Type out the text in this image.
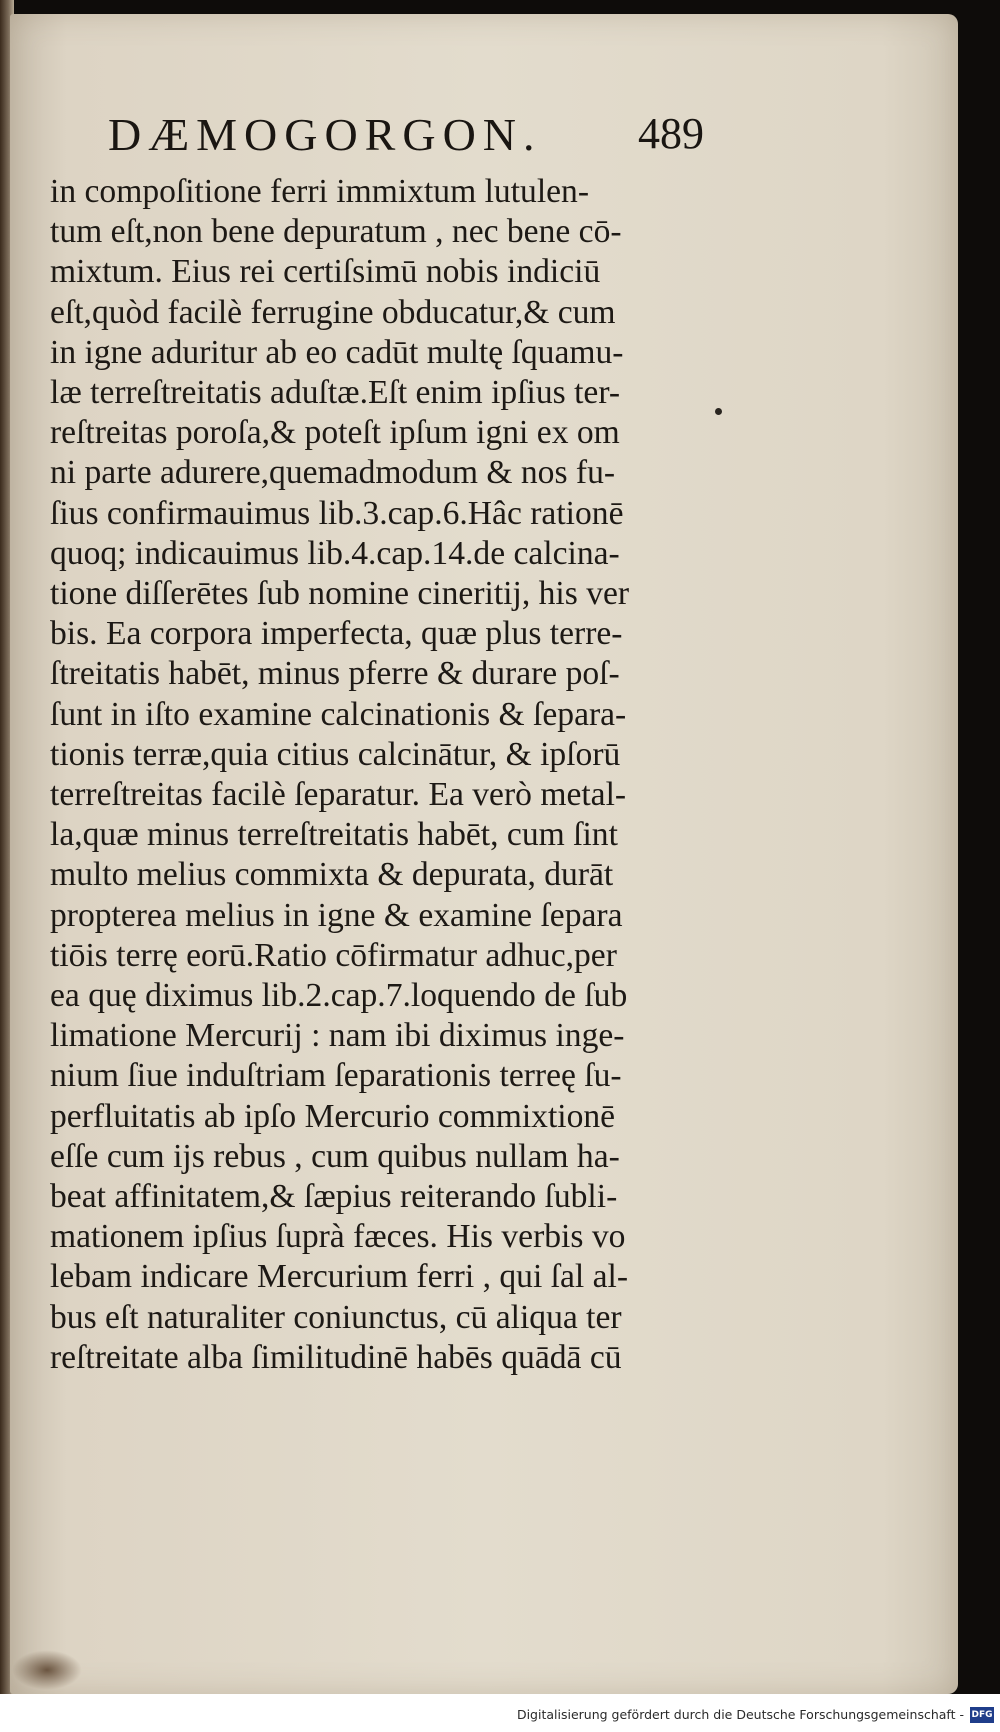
DÆMOGORGON.	489
in compoſitione ferri immixtum lutulen-
tum eſt,non bene depuratum , nec bene cō-
mixtum. Eius rei certiſsimū nobis indiciū
eſt,quòd facilè ferrugine obducatur,& cum
in igne aduritur ab eo cadūt multę ſquamu-
læ terreſtreitatis aduſtæ.Eſt enim ipſius ter-
reſtreitas poroſa,& poteſt ipſum igni ex om
ni parte adurere,quemadmodum & nos fu-
ſius confirmauimus lib.3.cap.6.Hâc rationē
quoq; indicauimus lib.4.cap.14.de calcina-
tione diſſerētes ſub nomine cineritij, his ver
bis. Ea corpora imperfecta, quæ plus terre-
ſtreitatis habēt, minus pferre & durare poſ-
ſunt in iſto examine calcinationis & ſepara-
tionis terræ,quia citius calcinātur, & ipſorū
terreſtreitas facilè ſeparatur. Ea verò metal-
la,quæ minus terreſtreitatis habēt, cum ſint
multo melius commixta & depurata, durāt
propterea melius in igne & examine ſepara
tiōis terrę eorū.Ratio cōfirmatur adhuc,per
ea quę diximus lib.2.cap.7.loquendo de ſub
limatione Mercurij : nam ibi diximus inge-
nium ſiue induſtriam ſeparationis terreę ſu-
perfluitatis ab ipſo Mercurio commixtionē
eſſe cum ijs rebus , cum quibus nullam ha-
beat affinitatem,& ſæpius reiterando ſubli-
mationem ipſius ſuprà fæces. His verbis vo
lebam indicare Mercurium ferri , qui ſal al-
bus eſt naturaliter coniunctus, cū aliqua ter
reſtreitate alba ſimilitudinē habēs quādā cū
Digitalisierung gefördert durch die Deutsche Forschungsgemeinschaft - DFG
